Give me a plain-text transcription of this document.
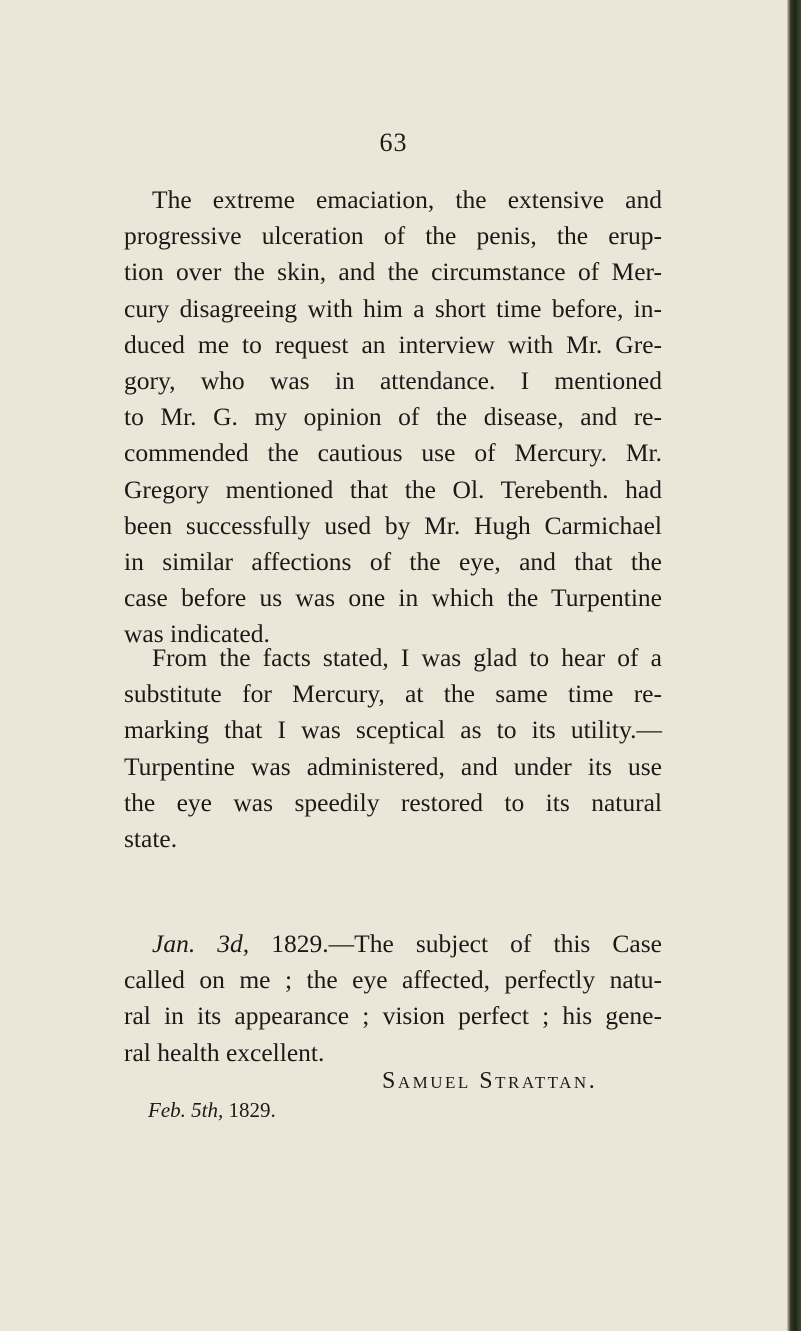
63
The extreme emaciation, the extensive and
progressive ulceration of the penis, the erup-
tion over the skin, and the circumstance of Mer-
cury disagreeing with him a short time before, in-
duced me to request an interview with Mr. Gre-
gory, who was in attendance. I mentioned
to Mr. G. my opinion of the disease, and re-
commended the cautious use of Mercury. Mr.
Gregory mentioned that the Ol. Terebenth. had
been successfully used by Mr. Hugh Carmichael
in similar affections of the eye, and that the
case before us was one in which the Turpentine
was indicated.
From the facts stated, I was glad to hear of a
substitute for Mercury, at the same time re-
marking that I was sceptical as to its utility.—
Turpentine was administered, and under its use
the eye was speedily restored to its natural
state.
Jan. 3d, 1829.—The subject of this Case
called on me ; the eye affected, perfectly natu-
ral in its appearance ; vision perfect ; his gene-
ral health excellent.
Samuel Strattan.
Feb. 5th, 1829.
